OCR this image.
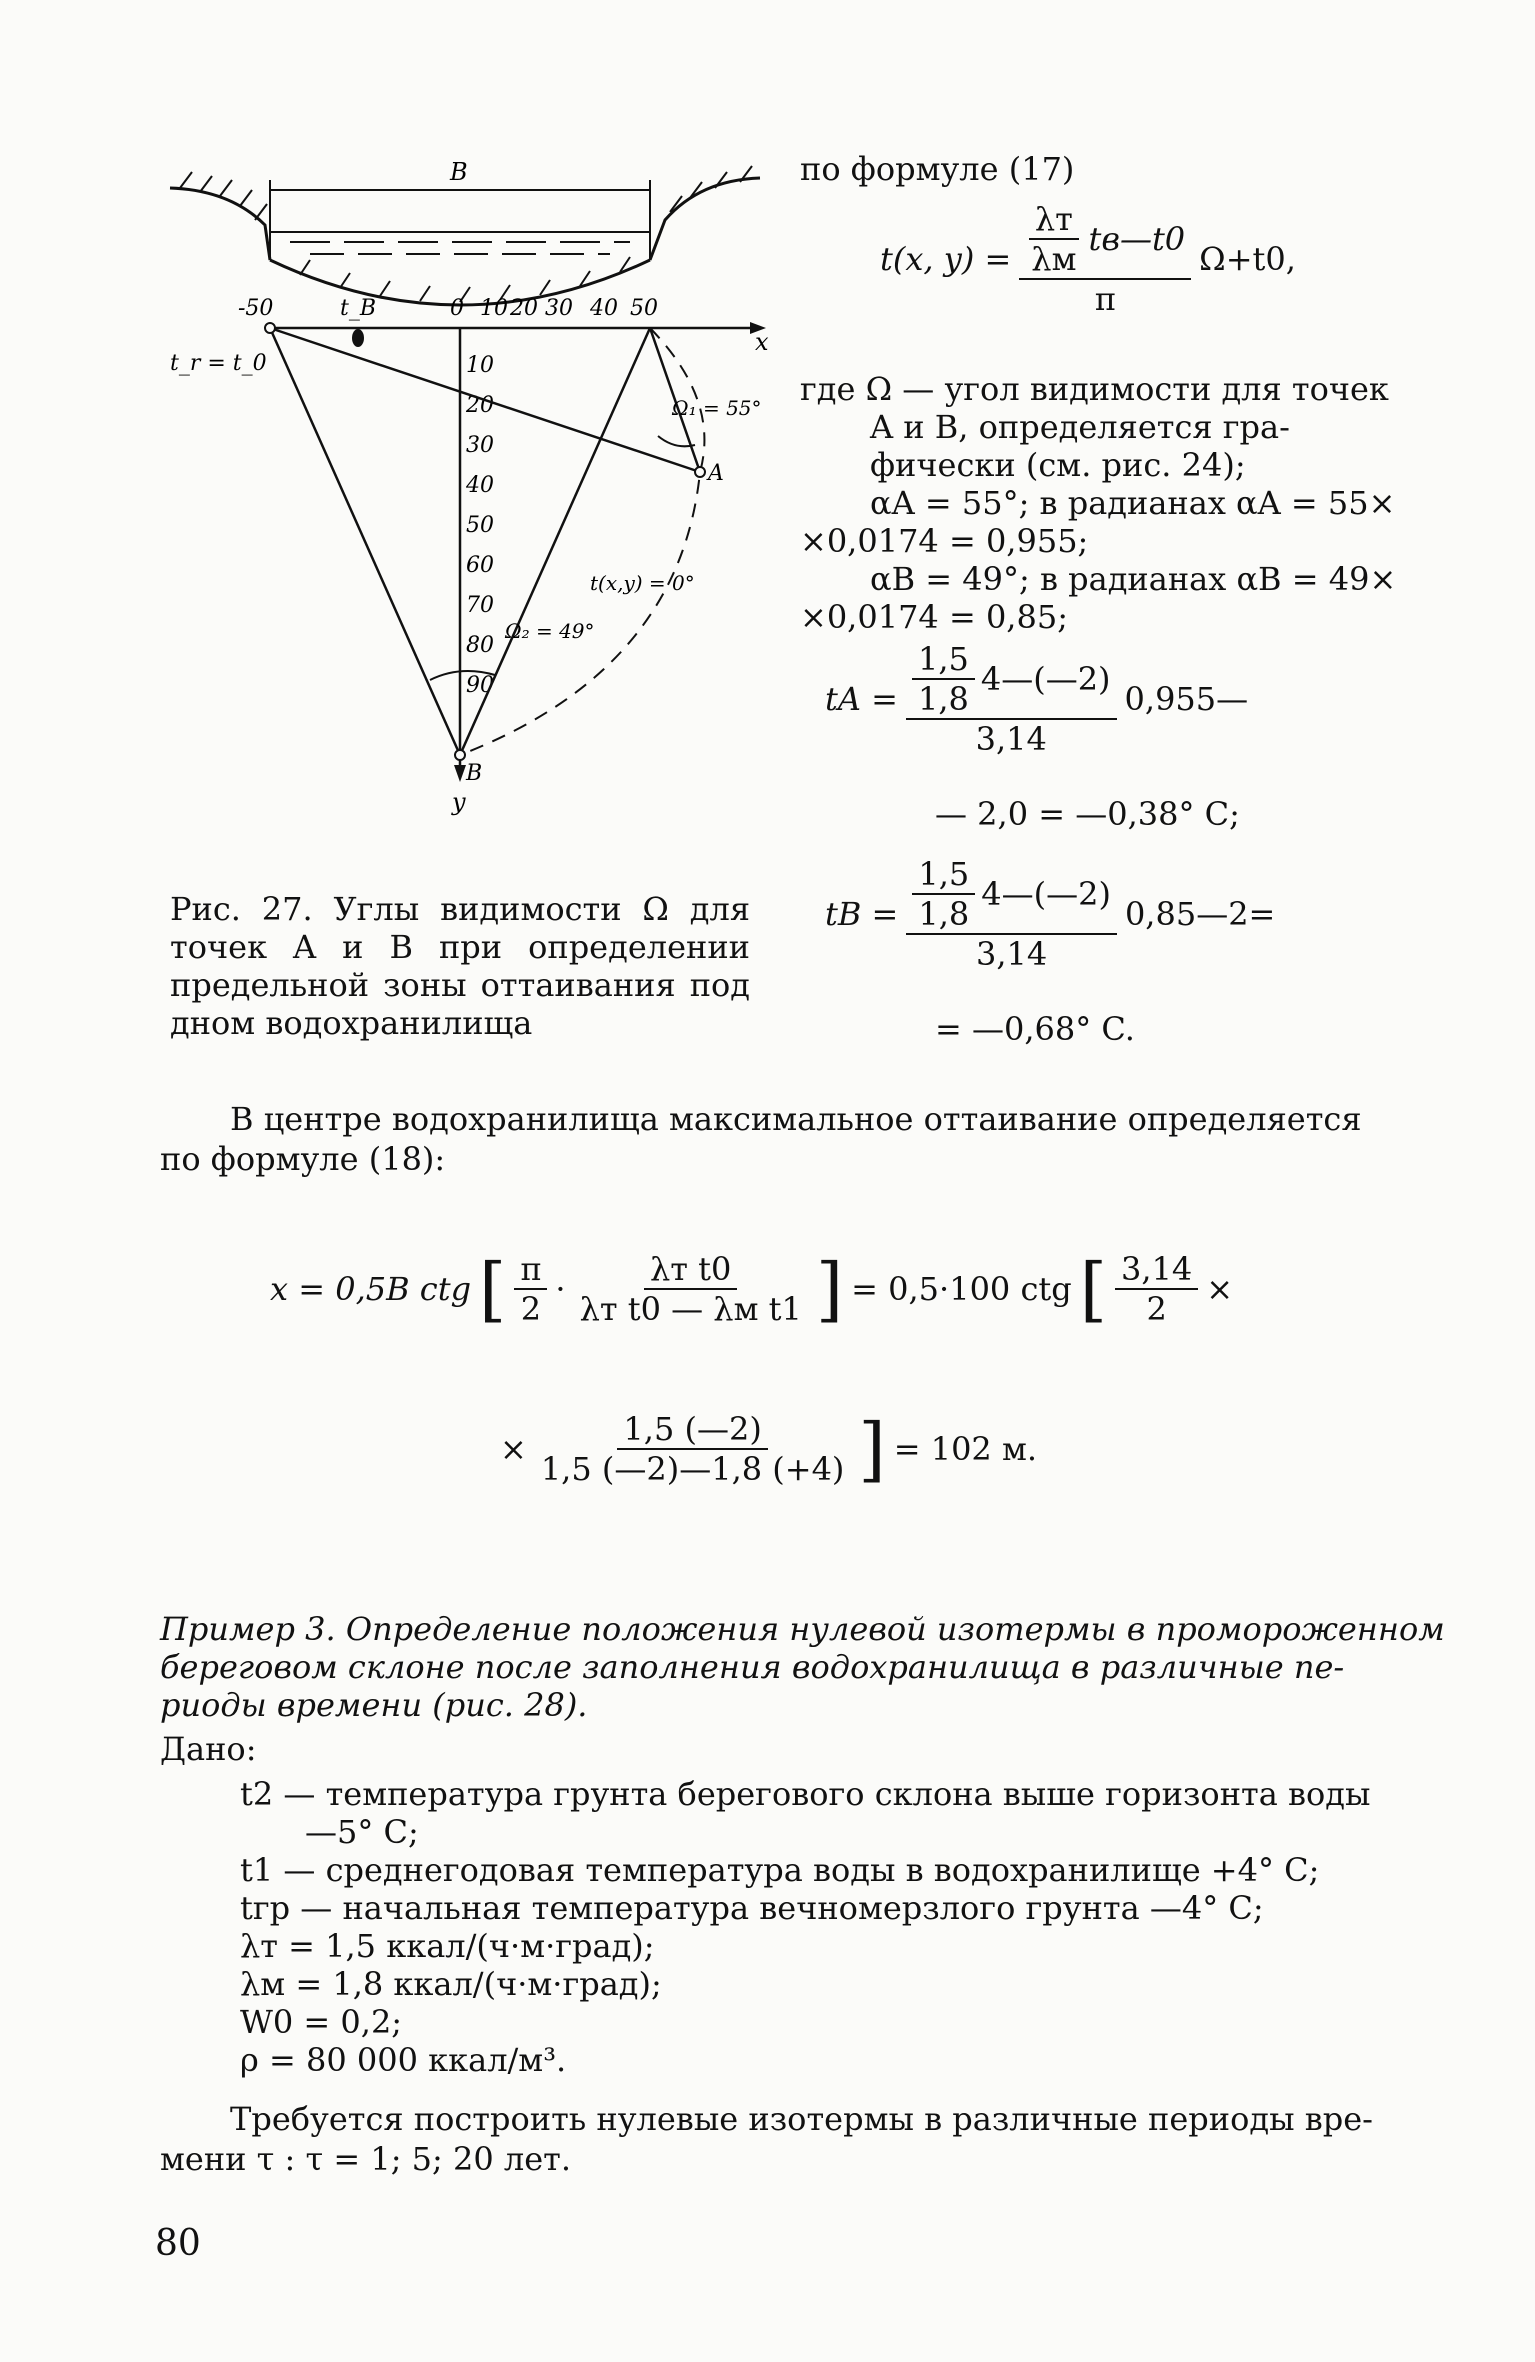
B
x
-50	t_B	0 10 20 30 40 50
y
10
20
30
40
50
60
70
80
90
A
B
t_r = t_0
Ω₁ = 55°
Ω₂ = 49°
t(x,y) = 0°
Рис. 27. Углы видимости Ω для точек A и B при определении предельной зоны оттаивания под дном водохранилища
по формуле (17)
t(x, $y) = \frac{\frac{\lambda т}{\lambda м} tв—t0}{\pi} \Omega+t0$,
где Ω — угол видимости для точек
A и B, определяется гра-
фически (см. рис. 24);
αA = 55°; в радианах αA = 55×
×0,0174 = 0,955;
αB = 49°; в радианах αB = 49×
×0,0174 = 0,85;
tA = $\frac{\frac{1,5}{1,8} 4—(—2)}{3,14}$ 0,955—
— 2,0 = —0,38° C;
tB = $\frac{\frac{1,5}{1,8} 4—(—2)}{3,14}$ 0,85—2=
= —0,68° C.
В центре водохранилища максимальное оттаивание определяется
по формуле (18):
x = 0,5B ctg [ $\frac{\pi}{2} \cdot \frac{\text{λт t0}}{\text{λт t0 — λм t1}}$ ] = 0,5·100 ctg [ $\frac{3,14}{2}$ ×
× $\frac{1,5 (—2)}{1,5 (—2)—1,8 (+4)}$ ] = 102 м.
Пример 3. Определение положения нулевой изотермы в промороженном
береговом склоне после заполнения водохранилища в различные пе-
риоды времени (рис. 28).
Дано:
t2 — температура грунта берегового склона выше горизонта воды
—5° C;
t1 — среднегодовая температура воды в водохранилище +4° C;
tгр — начальная температура вечномерзлого грунта —4° C;
λт = 1,5 ккал/(ч·м·град);
λм = 1,8 ккал/(ч·м·град);
W0 = 0,2;
ρ = 80 000 ккал/м³.
Требуется построить нулевые изотермы в различные периоды вре-
мени τ : τ = 1; 5; 20 лет.
80
